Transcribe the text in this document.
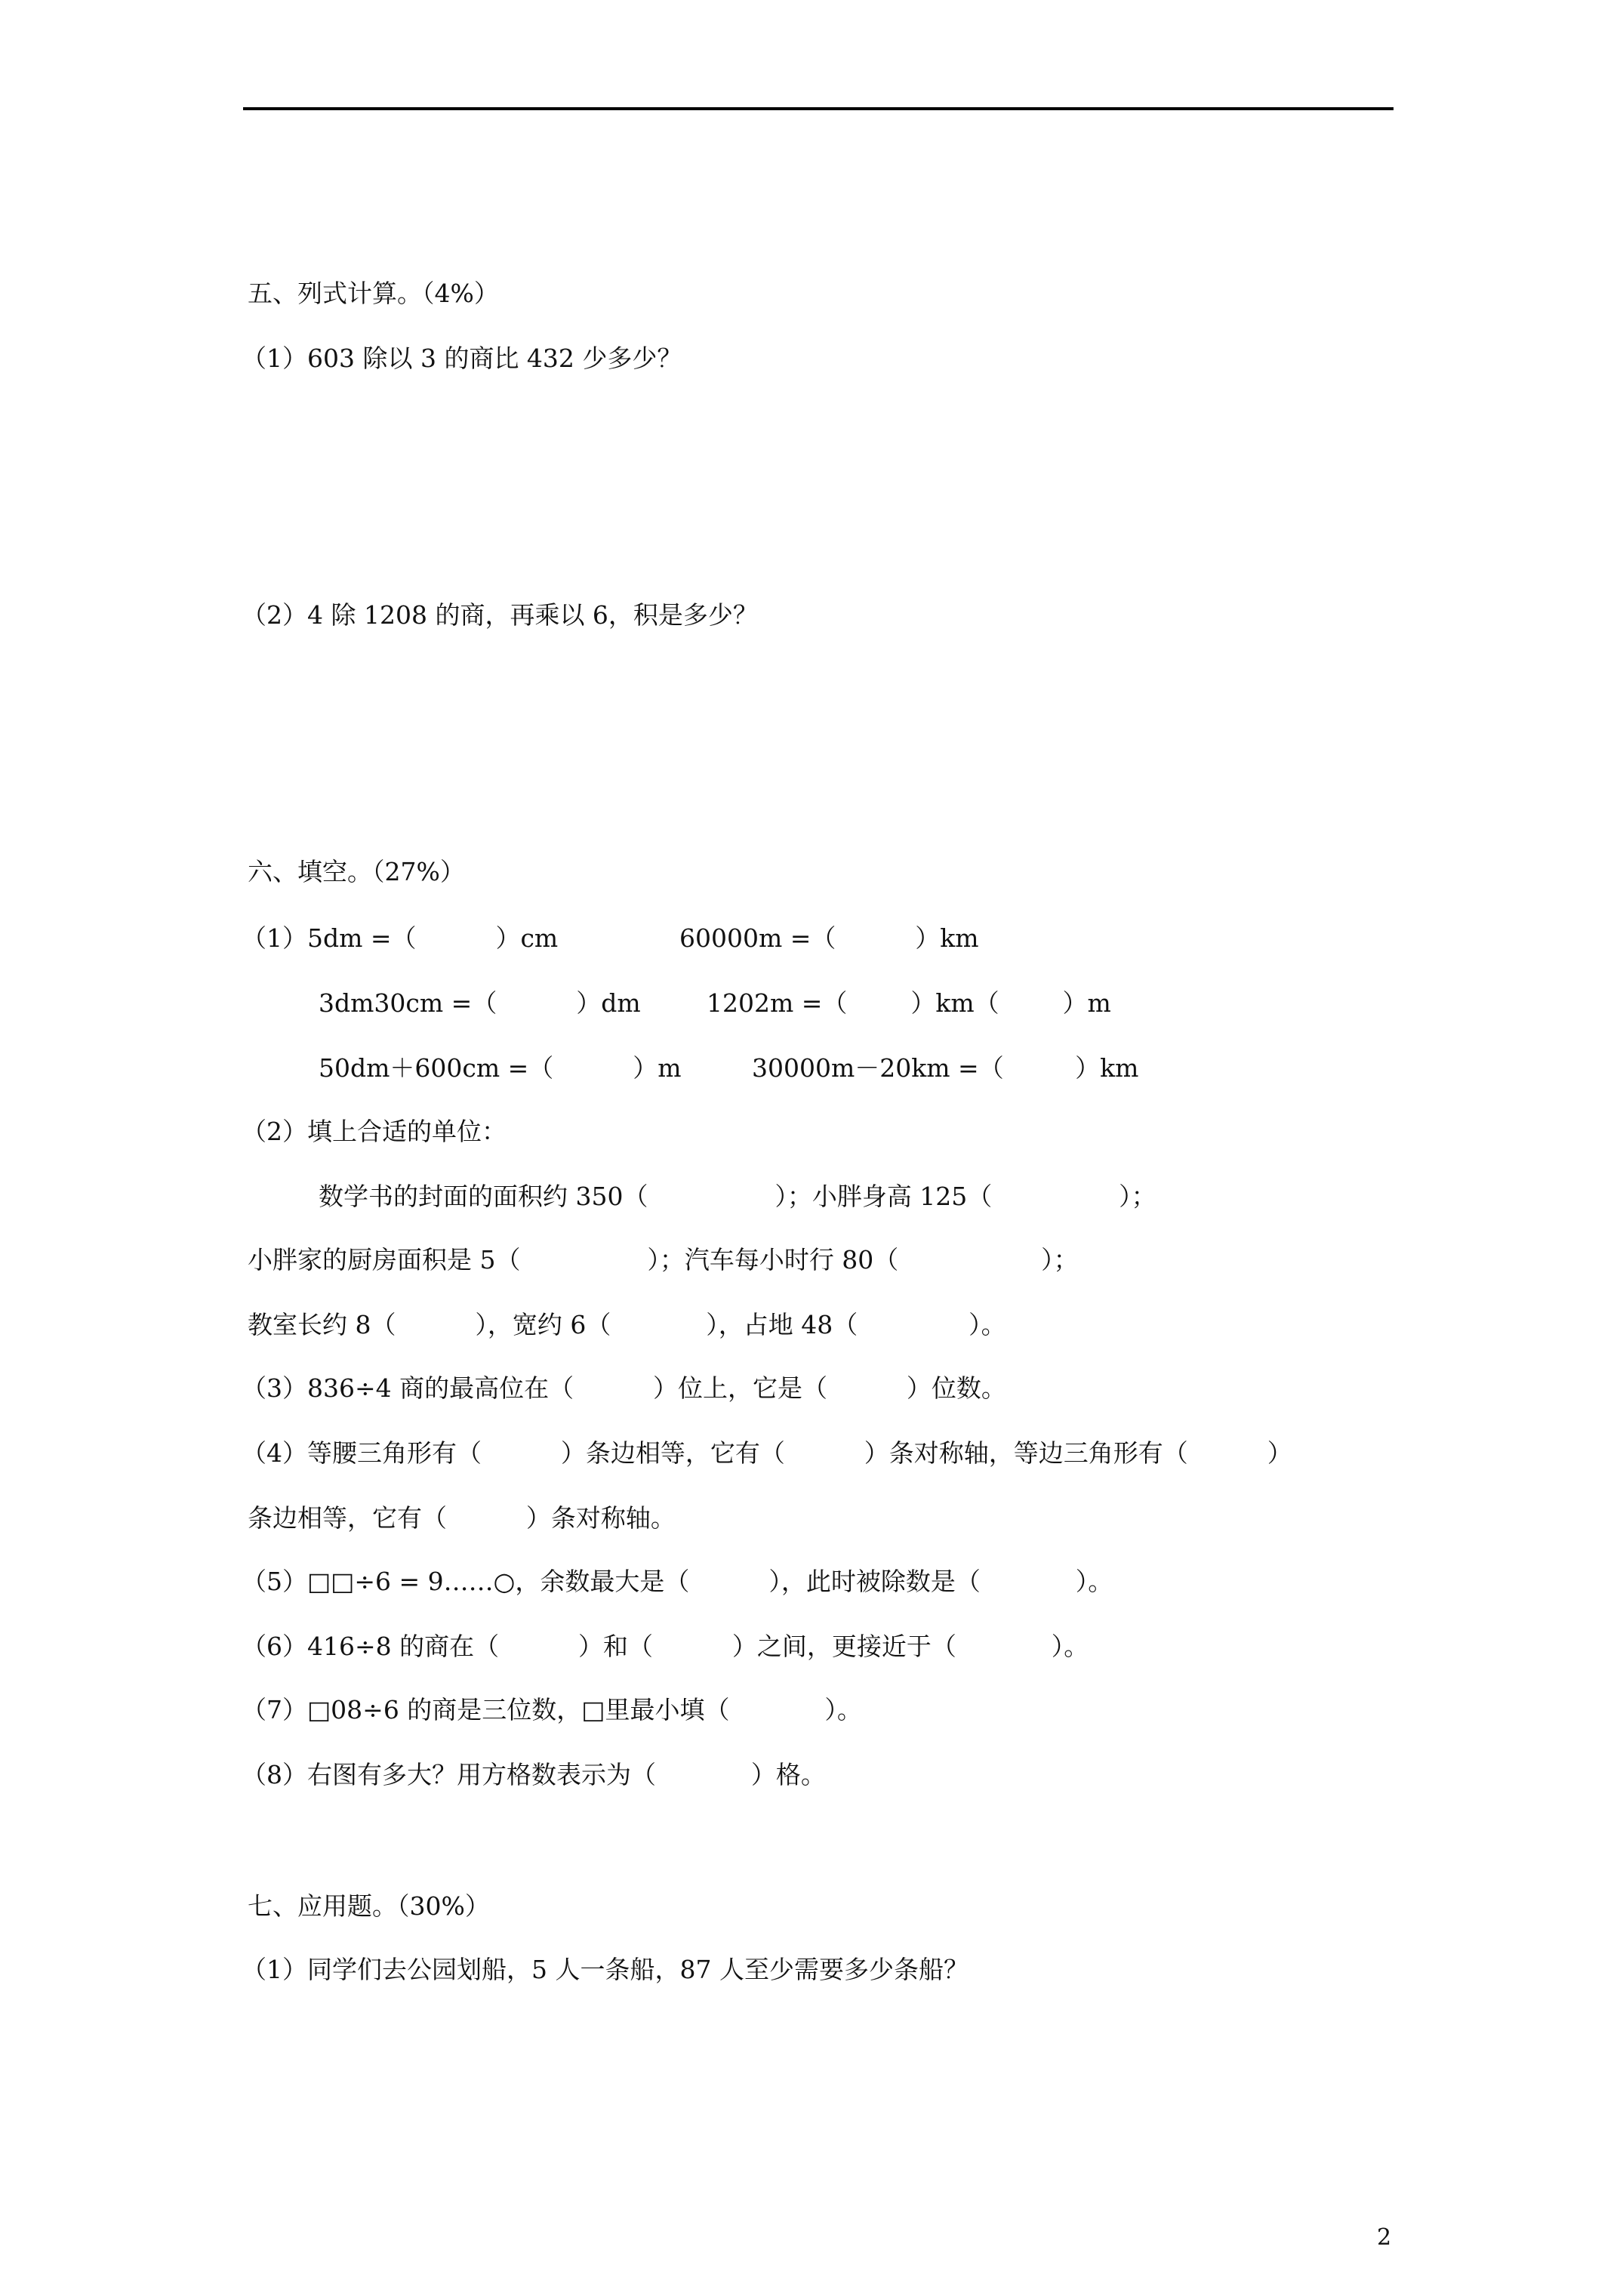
五、列式计算。（4%）
（1）603 除以 3 的商比 432 少多少？
（2）4 除 1208 的商，再乘以 6，积是多少？
六、填空。（27%）
（1）5dm =（          ）cm	60000m =（          ）km
3dm30cm =（          ）dm	1202m =（        ）km（        ）m
50dm＋600cm =（          ）m	30000m－20km =（         ）km
（2）填上合适的单位：
数学书的封面的面积约 350（                ）；小胖身高 125（                ）；
小胖家的厨房面积是 5（                ）；汽车每小时行 80（                  ）；
教室长约 8（          ），宽约 6（            ），占地 48（              ）。
（3）836÷4 商的最高位在（          ）位上，它是（          ）位数。
（4）等腰三角形有（          ）条边相等，它有（          ）条对称轴，等边三角形有（          ）
条边相等，它有（          ）条对称轴。
（5）□□÷6 = 9……○，余数最大是（          ），此时被除数是（            ）。
（6）416÷8 的商在（          ）和（          ）之间，更接近于（            ）。
（7）□08÷6 的商是三位数，□里最小填（            ）。
（8）右图有多大？用方格数表示为（            ）格。
七、应用题。（30%）
（1）同学们去公园划船，5 人一条船，87 人至少需要多少条船？
2
